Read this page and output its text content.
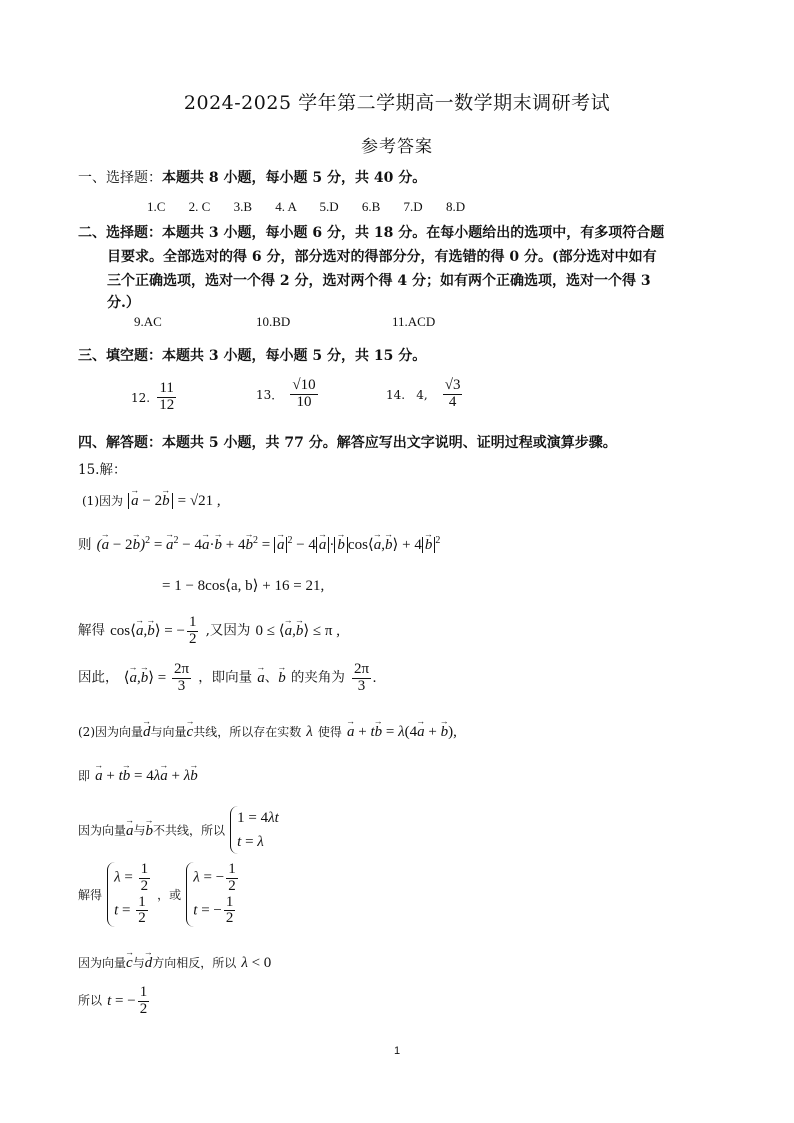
2024-2025 学年第二学期高一数学期末调研考试
参考答案
一、选择题：本题共 8 小题，每小题 5 分，共 40 分。
1.C 2. C 3.B 4. A 5.D 6.B 7.D 8.D
二、选择题：本题共 3 小题，每小题 6 分，共 18 分。在每小题给出的选项中，有多项符合题
目要求。全部选对的得 6 分，部分选对的得部分分，有选错的得 0 分。(部分选对中如有
三个正确选项，选对一个得 2 分，选对两个得 4 分；如有两个正确选项，选对一个得 3
分.）
9.AC	10.BD	11.ACD
三、填空题：本题共 3 小题，每小题 5 分，共 15 分。
12. $\frac{11}{12}$	13． $\frac{√10}{10}$	14. 4, $\frac{√3}{4}$
四、解答题：本题共 5 小题，共 77 分。解答应写出文字说明、证明过程或演算步骤。
15.解：
(1)因为 → a − 2→ b = √21 ,
则 (→ a − 2→ b)$^2$ = → $a^2 - 4\to a\cdot\to b + 4\to b^2$ = → a $^2$ − 4 → a · → b cos⟨→ a,→ b⟩ + 4 → b $^2$
= 1 − 8cos⟨a, b⟩ + 16 = 21,
解得 cos⟨→ a,→ b⟩ = − $\frac{1}{2}$ ,又因为 0 ≤ ⟨→ a,→ b⟩ ≤ π ,
因此， ⟨→ a,→ b⟩ = $\frac{2\pi}{3}$ ，即向量 → a、→ b 的夹角为 $\frac{2\pi}{3}$ .
(2)因为向量→ d与向量→ c共线，所以存在实数 λ 使得 → a + t→ b = λ(4→ a + → b),
即 → a + t→ b = 4λ→ a + λ→ b
因为向量→ a与→ b不共线，所以
1 = 4λt
t = λ
解得
$\lambda = \frac{1}{2}$
$t = \frac{1}{2}$ ，或
λ = − $\frac{1}{2}$
t = − $\frac{1}{2}$
因为向量→ c与→ d方向相反，所以 λ < 0
所以 t = − $\frac{1}{2}$
1
